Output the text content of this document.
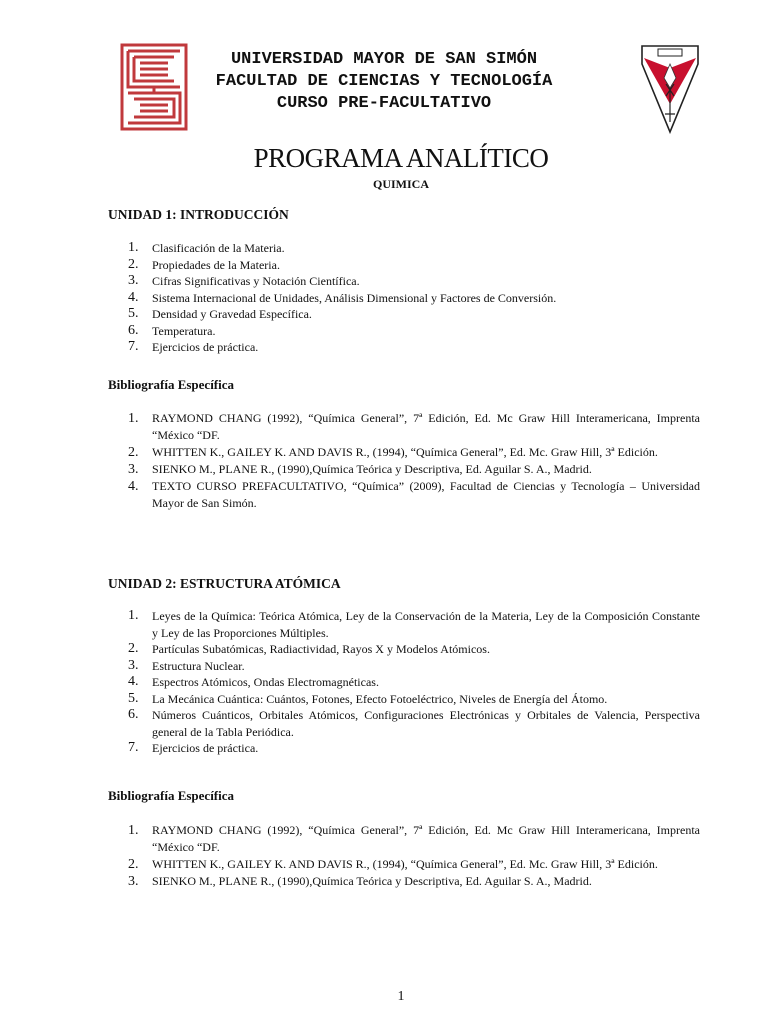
UNIVERSIDAD MAYOR DE SAN SIMÓN
FACULTAD DE CIENCIAS Y TECNOLOGÍA
CURSO PRE-FACULTATIVO
PROGRAMA ANALÍTICO
QUIMICA
UNIDAD 1: INTRODUCCIÓN
1. Clasificación de la Materia.
2. Propiedades de la Materia.
3. Cifras Significativas y Notación Científica.
4. Sistema Internacional de Unidades, Análisis Dimensional y Factores de Conversión.
5. Densidad y Gravedad Específica.
6. Temperatura.
7. Ejercicios de práctica.
Bibliografía Específica
1. RAYMOND CHANG (1992), “Química General”, 7ª Edición, Ed. Mc Graw Hill Interamericana, Imprenta “México “DF.
2. WHITTEN K., GAILEY K. AND DAVIS R., (1994), “Química General”, Ed. Mc. Graw Hill, 3ª Edición.
3. SIENKO M., PLANE R., (1990),Química Teórica y Descriptiva, Ed. Aguilar S. A., Madrid.
4. TEXTO CURSO PREFACULTATIVO, “Química” (2009), Facultad de Ciencias y Tecnología – Universidad Mayor de San Simón.
UNIDAD 2: ESTRUCTURA ATÓMICA
1. Leyes de la Química: Teórica Atómica, Ley de la Conservación de la Materia, Ley de la Composición Constante y Ley de las Proporciones Múltiples.
2. Partículas Subatómicas, Radiactividad, Rayos X y Modelos Atómicos.
3. Estructura Nuclear.
4. Espectros Atómicos, Ondas Electromagnéticas.
5. La Mecánica Cuántica: Cuántos, Fotones, Efecto Fotoeléctrico, Niveles de Energía del Átomo.
6. Números Cuánticos, Orbitales Atómicos, Configuraciones Electrónicas y Orbitales de Valencia, Perspectiva general de la Tabla Periódica.
7. Ejercicios de práctica.
Bibliografía Específica
1. RAYMOND CHANG (1992), “Química General”, 7ª Edición, Ed. Mc Graw Hill Interamericana, Imprenta “México “DF.
2. WHITTEN K., GAILEY K. AND DAVIS R., (1994), “Química General”, Ed. Mc. Graw Hill, 3ª Edición.
3. SIENKO M., PLANE R., (1990),Química Teórica y Descriptiva, Ed. Aguilar S. A., Madrid.
1
